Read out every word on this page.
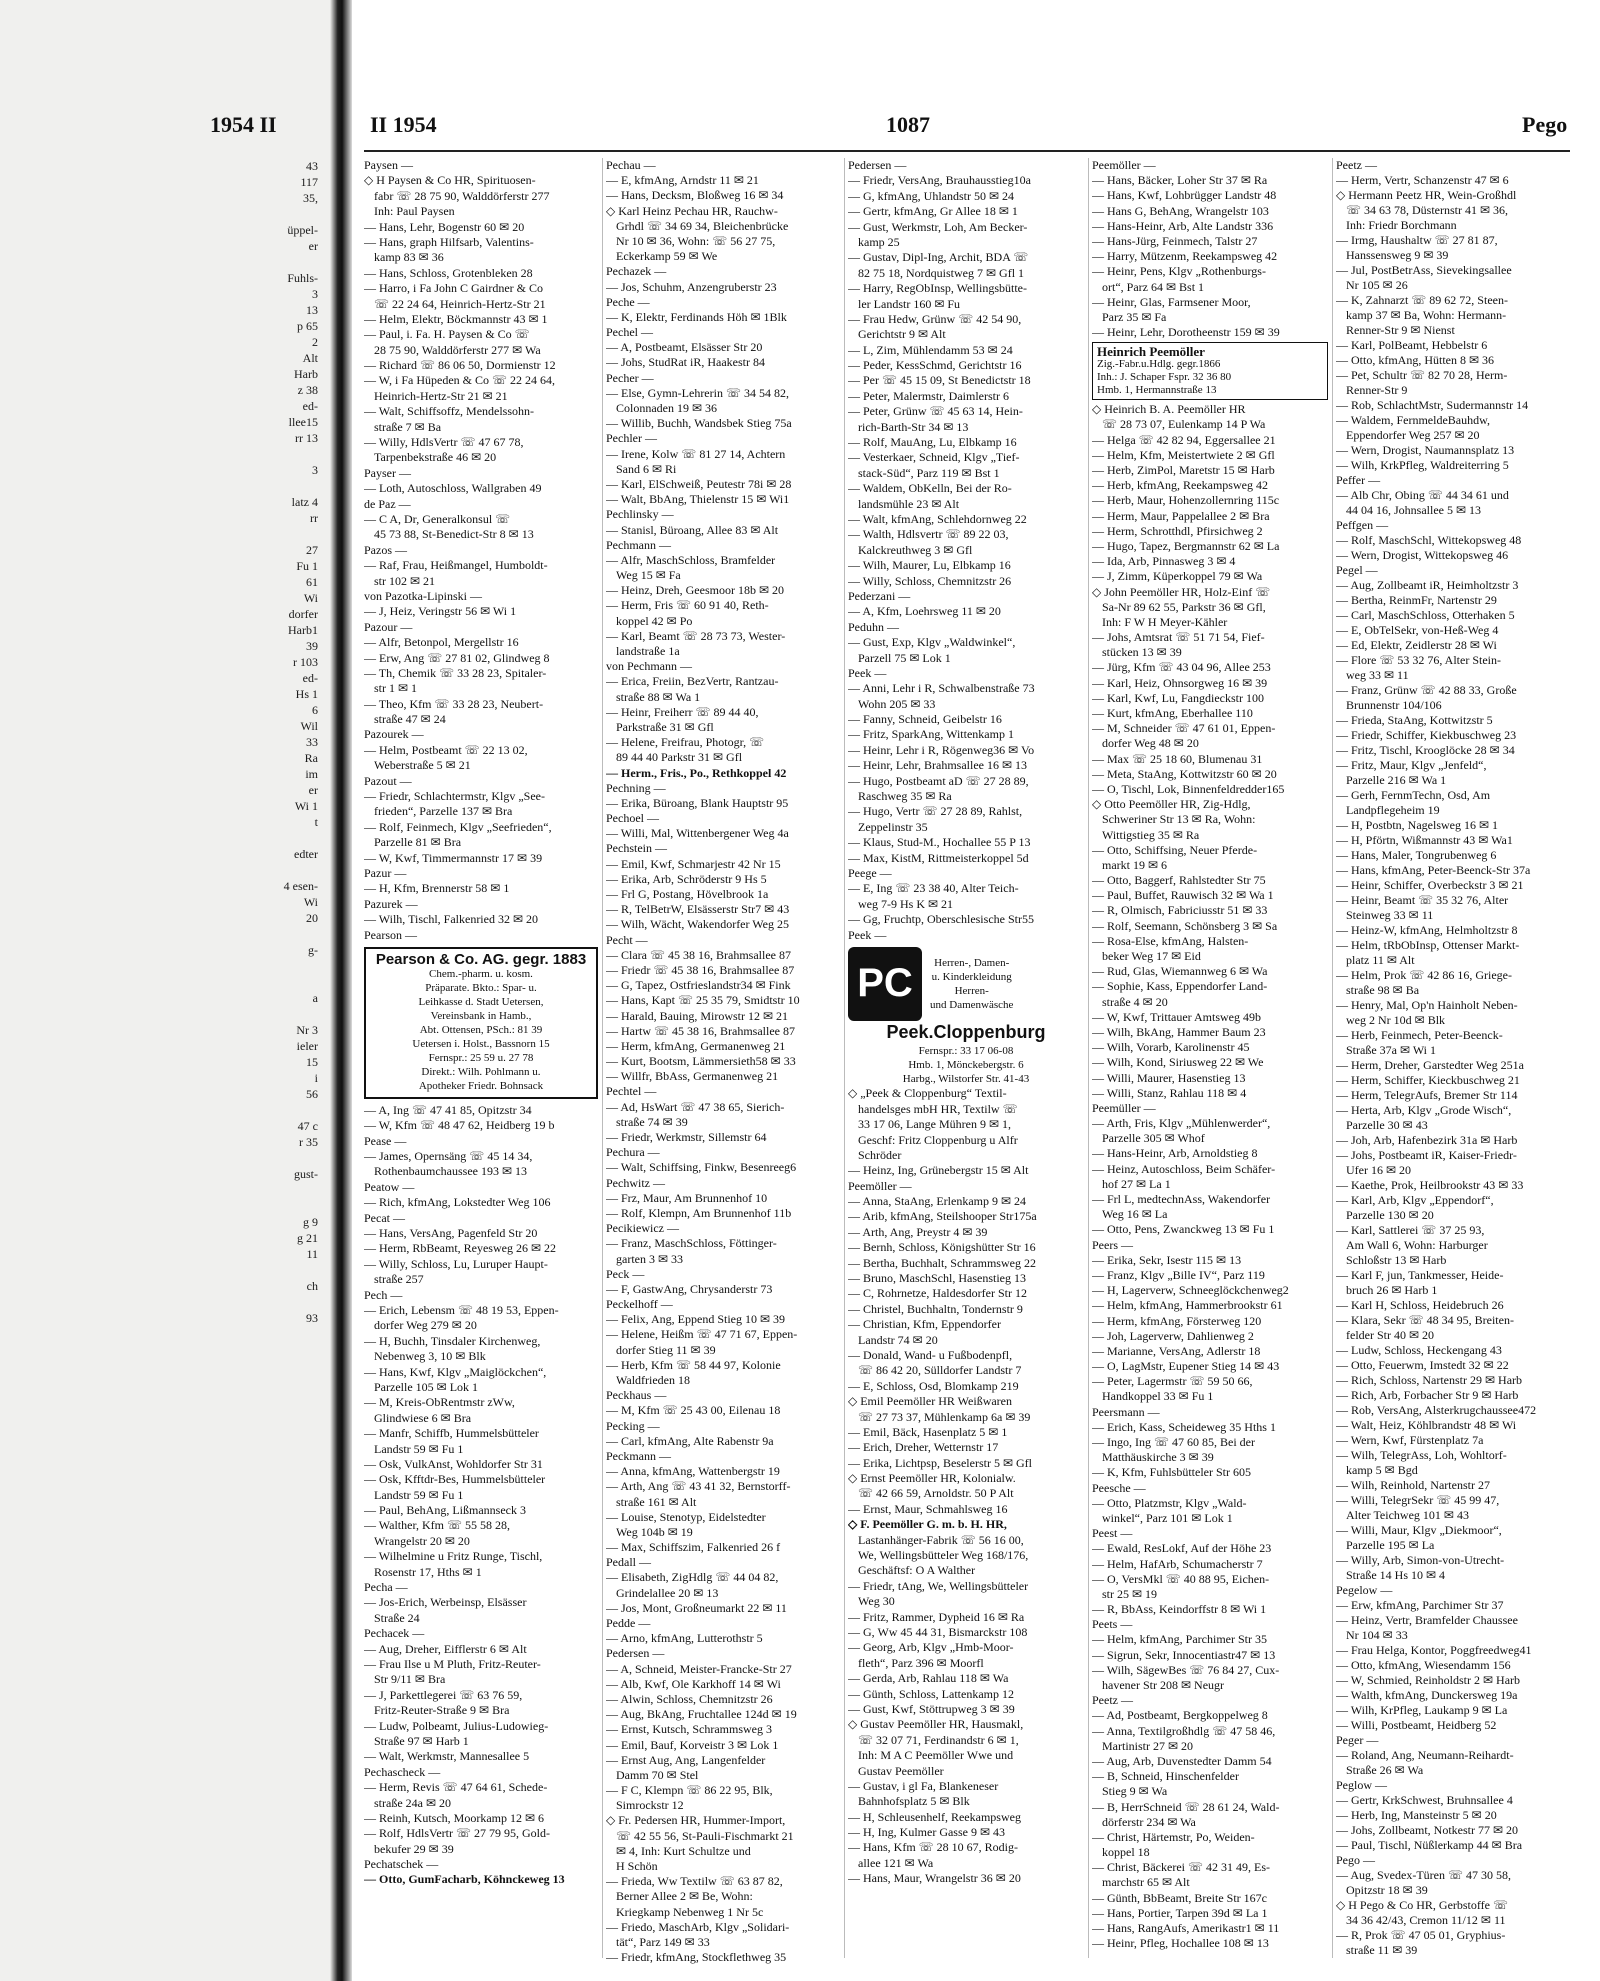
1954 II
43
117
35,
üppel-
er
Fuhls-
3
13
p 65
2
Alt
Harb
z 38
ed-
llee15
rr 13
3
latz 4
rr
27
Fu 1
61
Wi
dorfer
Harb1
39
r 103
ed-
Hs 1
6
Wil
33
Ra
im
er
Wi 1
t
edter
4 esen-
Wi
20
g-
a
Nr 3
ieler
15
i
56
47 c
r 35
gust-
g 9
g 21
11
ch
93
II 1954	1087	Pego
Paysen —
◇ H Paysen & Co HR, Spirituosen-
fabr ☏ 28 75 90, Walddörferstr 277
Inh: Paul Paysen
— Hans, Lehr, Bogenstr 60 ✉ 20
— Hans, graph Hilfsarb, Valentins-
kamp 83 ✉ 36
— Hans, Schloss, Grotenbleken 28
— Harro, i Fa John C Gairdner & Co
☏ 22 24 64, Heinrich-Hertz-Str 21
— Helm, Elektr, Böckmannstr 43 ✉ 1
— Paul, i. Fa. H. Paysen & Co ☏
28 75 90, Walddörferstr 277 ✉ Wa
— Richard ☏ 86 06 50, Dormienstr 12
— W, i Fa Hüpeden & Co ☏ 22 24 64,
Heinrich-Hertz-Str 21 ✉ 21
— Walt, Schiffsoffz, Mendelssohn-
straße 7 ✉ Ba
— Willy, HdlsVertr ☏ 47 67 78,
Tarpenbekstraße 46 ✉ 20
Payser —
— Loth, Autoschloss, Wallgraben 49
de Paz —
— C A, Dr, Generalkonsul ☏
45 73 88, St-Benedict-Str 8 ✉ 13
Pazos —
— Raf, Frau, Heißmangel, Humboldt-
str 102 ✉ 21
von Pazotka-Lipinski —
— J, Heiz, Veringstr 56 ✉ Wi 1
Pazour —
— Alfr, Betonpol, Mergellstr 16
— Erw, Ang ☏ 27 81 02, Glindweg 8
— Th, Chemik ☏ 33 28 23, Spitaler-
str 1 ✉ 1
— Theo, Kfm ☏ 33 28 23, Neubert-
straße 47 ✉ 24
Pazourek —
— Helm, Postbeamt ☏ 22 13 02,
Weberstraße 5 ✉ 21
Pazout —
— Friedr, Schlachtermstr, Klgv „See-
frieden“, Parzelle 137 ✉ Bra
— Rolf, Feinmech, Klgv „Seefrieden“,
Parzelle 81 ✉ Bra
— W, Kwf, Timmermannstr 17 ✉ 39
Pazur —
— H, Kfm, Brennerstr 58 ✉ 1
Pazurek —
— Wilh, Tischl, Falkenried 32 ✉ 20
Pearson —
Pearson & Co. AG. gegr. 1883
Chem.-pharm. u. kosm.
Präparate. Bkto.: Spar- u.
Leihkasse d. Stadt Uetersen,
Vereinsbank in Hamb.,
Abt. Ottensen, PSch.: 81 39
Uetersen i. Holst., Bassnorn 15
Fernspr.: 25 59 u. 27 78
Direkt.: Wilh. Pohlmann u.
Apotheker Friedr. Bohnsack
— A, Ing ☏ 47 41 85, Opitzstr 34
— W, Kfm ☏ 48 47 62, Heidberg 19 b
Pease —
— James, Opernsäng ☏ 45 14 34,
Rothenbaumchaussee 193 ✉ 13
Peatow —
— Rich, kfmAng, Lokstedter Weg 106
Pecat —
— Hans, VersAng, Pagenfeld Str 20
— Herm, RbBeamt, Reyesweg 26 ✉ 22
— Willy, Schloss, Lu, Luruper Haupt-
straße 257
Pech —
— Erich, Lebensm ☏ 48 19 53, Eppen-
dorfer Weg 279 ✉ 20
— H, Buchh, Tinsdaler Kirchenweg,
Nebenweg 3, 10 ✉ Blk
— Hans, Kwf, Klgv „Maiglöckchen“,
Parzelle 105 ✉ Lok 1
— M, Kreis-ObRentmstr zWw,
Glindwiese 6 ✉ Bra
— Manfr, Schiffb, Hummelsbütteler
Landstr 59 ✉ Fu 1
— Osk, VulkAnst, Wohldorfer Str 31
— Osk, Kfftdr-Bes, Hummelsbütteler
Landstr 59 ✉ Fu 1
— Paul, BehAng, Lißmannseck 3
— Walther, Kfm ☏ 55 58 28,
Wrangelstr 20 ✉ 20
— Wilhelmine u Fritz Runge, Tischl,
Rosenstr 17, Hths ✉ 1
Pecha —
— Jos-Erich, Werbeinsp, Elsässer
Straße 24
Pechacek —
— Aug, Dreher, Eifflerstr 6 ✉ Alt
— Frau Ilse u M Pluth, Fritz-Reuter-
Str 9/11 ✉ Bra
— J, Parkettlegerei ☏ 63 76 59,
Fritz-Reuter-Straße 9 ✉ Bra
— Ludw, Polbeamt, Julius-Ludowieg-
Straße 97 ✉ Harb 1
— Walt, Werkmstr, Mannesallee 5
Pechascheck —
— Herm, Revis ☏ 47 64 61, Schede-
straße 24a ✉ 20
— Reinh, Kutsch, Moorkamp 12 ✉ 6
— Rolf, HdlsVertr ☏ 27 79 95, Gold-
bekufer 29 ✉ 39
Pechatschek —
— Otto, GumFacharb, Köhnckeweg 13
Pechau —
— E, kfmAng, Arndstr 11 ✉ 21
— Hans, Decksm, Bloßweg 16 ✉ 34
◇ Karl Heinz Pechau HR, Rauchw-
Grhdl ☏ 34 69 34, Bleichenbrücke
Nr 10 ✉ 36, Wohn: ☏ 56 27 75,
Eckerkamp 59 ✉ We
Pechazek —
— Jos, Schuhm, Anzengruberstr 23
Peche —
— K, Elektr, Ferdinands Höh ✉ 1Blk
Pechel —
— A, Postbeamt, Elsässer Str 20
— Johs, StudRat iR, Haakestr 84
Pecher —
— Else, Gymn-Lehrerin ☏ 34 54 82,
Colonnaden 19 ✉ 36
— Willib, Buchh, Wandsbek Stieg 75a
Pechler —
— Irene, Kolw ☏ 81 27 14, Achtern
Sand 6 ✉ Ri
— Karl, ElSchweiß, Peutestr 78i ✉ 28
— Walt, BbAng, Thielenstr 15 ✉ Wi1
Pechlinsky —
— Stanisl, Büroang, Allee 83 ✉ Alt
Pechmann —
— Alfr, MaschSchloss, Bramfelder
Weg 15 ✉ Fa
— Heinz, Dreh, Geesmoor 18b ✉ 20
— Herm, Fris ☏ 60 91 40, Reth-
koppel 42 ✉ Po
— Karl, Beamt ☏ 28 73 73, Wester-
landstraße 1a
von Pechmann —
— Erica, Freiin, BezVertr, Rantzau-
straße 88 ✉ Wa 1
— Heinr, Freiherr ☏ 89 44 40,
Parkstraße 31 ✉ Gfl
— Helene, Freifrau, Photogr, ☏
89 44 40 Parkstr 31 ✉ Gfl
— Herm., Fris., Po., Rethkoppel 42
Pechning —
— Erika, Büroang, Blank Hauptstr 95
Pechoel —
— Willi, Mal, Wittenbergener Weg 4a
Pechstein —
— Emil, Kwf, Schmarjestr 42 Nr 15
— Erika, Arb, Schröderstr 9 Hs 5
— Frl G, Postang, Hövelbrook 1a
— R, TelBetrW, Elsässerstr Str7 ✉ 43
— Wilh, Wächt, Wakendorfer Weg 25
Pecht —
— Clara ☏ 45 38 16, Brahmsallee 87
— Friedr ☏ 45 38 16, Brahmsallee 87
— G, Tapez, Ostfrieslandstr34 ✉ Fink
— Hans, Kapt ☏ 25 35 79, Smidtstr 10
— Harald, Bauing, Mirowstr 12 ✉ 21
— Hartw ☏ 45 38 16, Brahmsallee 87
— Herm, kfmAng, Germanenweg 21
— Kurt, Bootsm, Lämmersieth58 ✉ 33
— Willfr, BbAss, Germanenweg 21
Pechtel —
— Ad, HsWart ☏ 47 38 65, Sierich-
straße 74 ✉ 39
— Friedr, Werkmstr, Sillemstr 64
Pechura —
— Walt, Schiffsing, Finkw, Besenreeg6
Pechwitz —
— Frz, Maur, Am Brunnenhof 10
— Rolf, Klempn, Am Brunnenhof 11b
Pecikiewicz —
— Franz, MaschSchloss, Föttinger-
garten 3 ✉ 33
Peck —
— F, GastwAng, Chrysanderstr 73
Peckelhoff —
— Felix, Ang, Eppend Stieg 10 ✉ 39
— Helene, Heißm ☏ 47 71 67, Eppen-
dorfer Stieg 11 ✉ 39
— Herb, Kfm ☏ 58 44 97, Kolonie
Waldfrieden 18
Peckhaus —
— M, Kfm ☏ 25 43 00, Eilenau 18
Pecking —
— Carl, kfmAng, Alte Rabenstr 9a
Peckmann —
— Anna, kfmAng, Wattenbergstr 19
— Arth, Ang ☏ 43 41 32, Bernstorff-
straße 161 ✉ Alt
— Louise, Stenotyp, Eidelstedter
Weg 104b ✉ 19
— Max, Schiffszim, Falkenried 26 f
Pedall —
— Elisabeth, ZigHdlg ☏ 44 04 82,
Grindelallee 20 ✉ 13
— Jos, Mont, Großneumarkt 22 ✉ 11
Pedde —
— Arno, kfmAng, Lutterothstr 5
Pedersen —
— A, Schneid, Meister-Francke-Str 27
— Alb, Kwf, Ole Karkhoff 14 ✉ Wi
— Alwin, Schloss, Chemnitzstr 26
— Aug, BkAng, Fruchtallee 124d ✉ 19
— Ernst, Kutsch, Schrammsweg 3
— Emil, Bauf, Korveistr 3 ✉ Lok 1
— Ernst Aug, Ang, Langenfelder
Damm 70 ✉ Stel
— F C, Klempn ☏ 86 22 95, Blk,
Simrockstr 12
◇ Fr. Pedersen HR, Hummer-Import,
☏ 42 55 56, St-Pauli-Fischmarkt 21
✉ 4, Inh: Kurt Schultze und
H Schön
— Frieda, Ww Textilw ☏ 63 87 82,
Berner Allee 2 ✉ Be, Wohn:
Kriegkamp Nebenweg 1 Nr 5c
— Friedo, MaschArb, Klgv „Solidari-
tät“, Parz 149 ✉ 33
— Friedr, kfmAng, Stockflethweg 35
Pedersen —
— Friedr, VersAng, Brauhausstieg10a
— G, kfmAng, Uhlandstr 50 ✉ 24
— Gertr, kfmAng, Gr Allee 18 ✉ 1
— Gust, Werkmstr, Loh, Am Becker-
kamp 25
— Gustav, Dipl-Ing, Archit, BDA ☏
82 75 18, Nordquistweg 7 ✉ Gfl 1
— Harry, RegObInsp, Wellingsbütte-
ler Landstr 160 ✉ Fu
— Frau Hedw, Grünw ☏ 42 54 90,
Gerichtstr 9 ✉ Alt
— L, Zim, Mühlendamm 53 ✉ 24
— Peder, KessSchmd, Gerichtstr 16
— Per ☏ 45 15 09, St Benedictstr 18
— Peter, Malermstr, Daimlerstr 6
— Peter, Grünw ☏ 45 63 14, Hein-
rich-Barth-Str 34 ✉ 13
— Rolf, MauAng, Lu, Elbkamp 16
— Vesterkaer, Schneid, Klgv „Tief-
stack-Süd“, Parz 119 ✉ Bst 1
— Waldem, ObKelln, Bei der Ro-
landsmühle 23 ✉ Alt
— Walt, kfmAng, Schlehdornweg 22
— Walth, Hdlsvertr ☏ 89 22 03,
Kalckreuthweg 3 ✉ Gfl
— Wilh, Maurer, Lu, Elbkamp 16
— Willy, Schloss, Chemnitzstr 26
Pederzani —
— A, Kfm, Loehrsweg 11 ✉ 20
Peduhn —
— Gust, Exp, Klgv „Waldwinkel“,
Parzell 75 ✉ Lok 1
Peek —
— Anni, Lehr i R, Schwalbenstraße 73
Wohn 205 ✉ 33
— Fanny, Schneid, Geibelstr 16
— Fritz, SparkAng, Wittenkamp 1
— Heinr, Lehr i R, Rögenweg36 ✉ Vo
— Heinr, Lehr, Brahmsallee 16 ✉ 13
— Hugo, Postbeamt aD ☏ 27 28 89,
Raschweg 35 ✉ Ra
— Hugo, Vertr ☏ 27 28 89, Rahlst,
Zeppelinstr 35
— Klaus, Stud-M., Hochallee 55 P 13
— Max, KistM, Rittmeisterkoppel 5d
Peege —
— E, Ing ☏ 23 38 40, Alter Teich-
weg 7-9 Hs K ✉ 21
— Gg, Fruchtp, Oberschlesische Str55
Peek —
PC	Herren-, Damen-
u. Kinderkleidung
Herren-
und Damenwäsche
Peek.Cloppenburg
Fernspr.: 33 17 06-08
Hmb. 1, Mönckebergstr. 6
Harbg., Wilstorfer Str. 41-43
◇ „Peek & Cloppenburg“ Textil-
handelsges mbH HR, Textilw ☏
33 17 06, Lange Mühren 9 ✉ 1,
Geschf: Fritz Cloppenburg u Alfr
Schröder
— Heinz, Ing, Grünebergstr 15 ✉ Alt
Peemöller —
— Anna, StaAng, Erlenkamp 9 ✉ 24
— Arib, kfmAng, Steilshooper Str175a
— Arth, Ang, Preystr 4 ✉ 39
— Bernh, Schloss, Königshütter Str 16
— Bertha, Buchhalt, Schrammsweg 22
— Bruno, MaschSchl, Hasenstieg 13
— C, Rohrnetze, Haldesdorfer Str 12
— Christel, Buchhaltn, Tondernstr 9
— Christian, Kfm, Eppendorfer
Landstr 74 ✉ 20
— Donald, Wand- u Fußbodenpfl,
☏ 86 42 20, Sülldorfer Landstr 7
— E, Schloss, Osd, Blomkamp 219
◇ Emil Peemöller HR Weißwaren
☏ 27 73 37, Mühlenkamp 6a ✉ 39
— Emil, Bäck, Hasenplatz 5 ✉ 1
— Erich, Dreher, Wetternstr 17
— Erika, Lichtpsp, Beselerstr 5 ✉ Gfl
◇ Ernst Peemöller HR, Kolonialw.
☏ 42 66 59, Arnoldstr. 50 P Alt
— Ernst, Maur, Schmahlsweg 16
◇ F. Peemöller G. m. b. H. HR,
Lastanhänger-Fabrik ☏ 56 16 00,
We, Wellingsbütteler Weg 168/176,
Geschäftsf: O A Walther
— Friedr, tAng, We, Wellingsbütteler
Weg 30
— Fritz, Rammer, Dypheid 16 ✉ Ra
— G, Ww 45 44 31, Bismarckstr 108
— Georg, Arb, Klgv „Hmb-Moor-
fleth“, Parz 396 ✉ Moorfl
— Gerda, Arb, Rahlau 118 ✉ Wa
— Günth, Schloss, Lattenkamp 12
— Gust, Kwf, Stöttrupweg 3 ✉ 39
◇ Gustav Peemöller HR, Hausmakl,
☏ 32 07 71, Ferdinandstr 6 ✉ 1,
Inh: M A C Peemöller Wwe und
Gustav Peemöller
— Gustav, i gl Fa, Blankeneser
Bahnhofsplatz 5 ✉ Blk
— H, Schleusenhelf, Reekampsweg
— H, Ing, Kulmer Gasse 9 ✉ 43
— Hans, Kfm ☏ 28 10 67, Rodig-
allee 121 ✉ Wa
— Hans, Maur, Wrangelstr 36 ✉ 20
Peemöller —
— Hans, Bäcker, Loher Str 37 ✉ Ra
— Hans, Kwf, Lohbrügger Landstr 48
— Hans G, BehAng, Wrangelstr 103
— Hans-Heinr, Arb, Alte Landstr 336
— Hans-Jürg, Feinmech, Talstr 27
— Harry, Mützenm, Reekampsweg 42
— Heinr, Pens, Klgv „Rothenburgs-
ort“, Parz 64 ✉ Bst 1
— Heinr, Glas, Farmsener Moor,
Parz 35 ✉ Fa
— Heinr, Lehr, Dorotheenstr 159 ✉ 39
Heinrich Peemöller
Zig.-Fabr.u.Hdlg. gegr.1866
Inh.: J. Schaper Fspr. 32 36 80
Hmb. 1, Hermannstraße 13
◇ Heinrich B. A. Peemöller HR
☏ 28 73 07, Eulenkamp 14 P Wa
— Helga ☏ 42 82 94, Eggersallee 21
— Helm, Kfm, Meistertwiete 2 ✉ Gfl
— Herb, ZimPol, Maretstr 15 ✉ Harb
— Herb, kfmAng, Reekampsweg 42
— Herb, Maur, Hohenzollernring 115c
— Herm, Maur, Pappelallee 2 ✉ Bra
— Herm, Schrotthdl, Pfirsichweg 2
— Hugo, Tapez, Bergmannstr 62 ✉ La
— Ida, Arb, Pinnasweg 3 ✉ 4
— J, Zimm, Küperkoppel 79 ✉ Wa
◇ John Peemöller HR, Holz-Einf ☏
Sa-Nr 89 62 55, Parkstr 36 ✉ Gfl,
Inh: F W H Meyer-Kähler
— Johs, Amtsrat ☏ 51 71 54, Fief-
stücken 13 ✉ 39
— Jürg, Kfm ☏ 43 04 96, Allee 253
— Karl, Heiz, Ohnsorgweg 16 ✉ 39
— Karl, Kwf, Lu, Fangdieckstr 100
— Kurt, kfmAng, Eberhallee 110
— M, Schneider ☏ 47 61 01, Eppen-
dorfer Weg 48 ✉ 20
— Max ☏ 25 18 60, Blumenau 31
— Meta, StaAng, Kottwitzstr 60 ✉ 20
— O, Tischl, Lok, Binnenfeldredder165
◇ Otto Peemöller HR, Zig-Hdlg,
Schweriner Str 13 ✉ Ra, Wohn:
Wittigstieg 35 ✉ Ra
— Otto, Schiffsing, Neuer Pferde-
markt 19 ✉ 6
— Otto, Baggerf, Rahlstedter Str 75
— Paul, Buffet, Rauwisch 32 ✉ Wa 1
— R, Olmisch, Fabriciusstr 51 ✉ 33
— Rolf, Seemann, Schönsberg 3 ✉ Sa
— Rosa-Else, kfmAng, Halsten-
beker Weg 17 ✉ Eid
— Rud, Glas, Wiemannweg 6 ✉ Wa
— Sophie, Kass, Eppendorfer Land-
straße 4 ✉ 20
— W, Kwf, Trittauer Amtsweg 49b
— Wilh, BkAng, Hammer Baum 23
— Wilh, Vorarb, Karolinenstr 45
— Wilh, Kond, Siriusweg 22 ✉ We
— Willi, Maurer, Hasenstieg 13
— Willi, Stanz, Rahlau 118 ✉ 4
Peemüller —
— Arth, Fris, Klgv „Mühlenwerder“,
Parzelle 305 ✉ Whof
— Hans-Heinr, Arb, Arnoldstieg 8
— Heinz, Autoschloss, Beim Schäfer-
hof 27 ✉ La 1
— Frl L, medtechnAss, Wakendorfer
Weg 16 ✉ La
— Otto, Pens, Zwanckweg 13 ✉ Fu 1
Peers —
— Erika, Sekr, Isestr 115 ✉ 13
— Franz, Klgv „Bille IV“, Parz 119
— H, Lagerverw, Schneeglöckchenweg2
— Helm, kfmAng, Hammerbrookstr 61
— Herm, kfmAng, Försterweg 120
— Joh, Lagerverw, Dahlienweg 2
— Marianne, VersAng, Adlerstr 18
— O, LagMstr, Eupener Stieg 14 ✉ 43
— Peter, Lagermstr ☏ 59 50 66,
Handkoppel 33 ✉ Fu 1
Peersmann —
— Erich, Kass, Scheideweg 35 Hths 1
— Ingo, Ing ☏ 47 60 85, Bei der
Matthäuskirche 3 ✉ 39
— K, Kfm, Fuhlsbütteler Str 605
Peesche —
— Otto, Platzmstr, Klgv „Wald-
winkel“, Parz 101 ✉ Lok 1
Peest —
— Ewald, ResLokf, Auf der Höhe 23
— Helm, HafArb, Schumacherstr 7
— O, VersMkl ☏ 40 88 95, Eichen-
str 25 ✉ 19
— R, BbAss, Keindorffstr 8 ✉ Wi 1
Peets —
— Helm, kfmAng, Parchimer Str 35
— Sigrun, Sekr, Innocentiastr47 ✉ 13
— Wilh, SägewBes ☏ 76 84 27, Cux-
havener Str 208 ✉ Neugr
Peetz —
— Ad, Postbeamt, Bergkoppelweg 8
— Anna, Textilgroßhdlg ☏ 47 58 46,
Martinistr 27 ✉ 20
— Aug, Arb, Duvenstedter Damm 54
— B, Schneid, Hinschenfelder
Stieg 9 ✉ Wa
— B, HerrSchneid ☏ 28 61 24, Wald-
dörferstr 234 ✉ Wa
— Christ, Härtemstr, Po, Weiden-
koppel 18
— Christ, Bäckerei ☏ 42 31 49, Es-
marchstr 65 ✉ Alt
— Günth, BbBeamt, Breite Str 167c
— Hans, Portier, Tarpen 39d ✉ La 1
— Hans, RangAufs, Amerikastr1 ✉ 11
— Heinr, Pfleg, Hochallee 108 ✉ 13
Peetz —
— Herm, Vertr, Schanzenstr 47 ✉ 6
◇ Hermann Peetz HR, Wein-Großhdl
☏ 34 63 78, Düsternstr 41 ✉ 36,
Inh: Friedr Borchmann
— Irmg, Haushaltw ☏ 27 81 87,
Hanssensweg 9 ✉ 39
— Jul, PostBetrAss, Sievekingsallee
Nr 105 ✉ 26
— K, Zahnarzt ☏ 89 62 72, Steen-
kamp 37 ✉ Ba, Wohn: Hermann-
Renner-Str 9 ✉ Nienst
— Karl, PolBeamt, Hebbelstr 6
— Otto, kfmAng, Hütten 8 ✉ 36
— Pet, Schultr ☏ 82 70 28, Herm-
Renner-Str 9
— Rob, SchlachtMstr, Sudermannstr 14
— Waldem, FernmeldeBauhdw,
Eppendorfer Weg 257 ✉ 20
— Wern, Drogist, Naumannsplatz 13
— Wilh, KrkPfleg, Waldreiterring 5
Peffer —
— Alb Chr, Obing ☏ 44 34 61 und
44 04 16, Johnsallee 5 ✉ 13
Peffgen —
— Rolf, MaschSchl, Wittekopsweg 48
— Wern, Drogist, Wittekopsweg 46
Pegel —
— Aug, Zollbeamt iR, Heimholtzstr 3
— Bertha, ReinmFr, Nartenstr 29
— Carl, MaschSchloss, Otterhaken 5
— E, ObTelSekr, von-Heß-Weg 4
— Ed, Elektr, Zeidlerstr 28 ✉ Wi
— Flore ☏ 53 32 76, Alter Stein-
weg 33 ✉ 11
— Franz, Grünw ☏ 42 88 33, Große
Brunnenstr 104/106
— Frieda, StaAng, Kottwitzstr 5
— Friedr, Schiffer, Kiekbuschweg 23
— Fritz, Tischl, Krooglöcke 28 ✉ 34
— Fritz, Maur, Klgv „Jenfeld“,
Parzelle 216 ✉ Wa 1
— Gerh, FernmTechn, Osd, Am
Landpflegeheim 19
— H, Postbtn, Nagelsweg 16 ✉ 1
— H, Pförtn, Wißmannstr 43 ✉ Wa1
— Hans, Maler, Tongrubenweg 6
— Hans, kfmAng, Peter-Beenck-Str 37a
— Heinr, Schiffer, Overbeckstr 3 ✉ 21
— Heinr, Beamt ☏ 35 32 76, Alter
Steinweg 33 ✉ 11
— Heinz-W, kfmAng, Helmholtzstr 8
— Helm, tRbObInsp, Ottenser Markt-
platz 11 ✉ Alt
— Helm, Prok ☏ 42 86 16, Griege-
straße 98 ✉ Ba
— Henry, Mal, Op'n Hainholt Neben-
weg 2 Nr 10d ✉ Blk
— Herb, Feinmech, Peter-Beenck-
Straße 37a ✉ Wi 1
— Herm, Dreher, Garstedter Weg 251a
— Herm, Schiffer, Kieckbuschweg 21
— Herm, TelegrAufs, Bremer Str 114
— Herta, Arb, Klgv „Grode Wisch“,
Parzelle 30 ✉ 43
— Joh, Arb, Hafenbezirk 31a ✉ Harb
— Johs, Postbeamt iR, Kaiser-Friedr-
Ufer 16 ✉ 20
— Kaethe, Prok, Heilbrookstr 43 ✉ 33
— Karl, Arb, Klgv „Eppendorf“,
Parzelle 130 ✉ 20
— Karl, Sattlerei ☏ 37 25 93,
Am Wall 6, Wohn: Harburger
Schloßstr 13 ✉ Harb
— Karl F, jun, Tankmesser, Heide-
bruch 26 ✉ Harb 1
— Karl H, Schloss, Heidebruch 26
— Klara, Sekr ☏ 48 34 95, Breiten-
felder Str 40 ✉ 20
— Ludw, Schloss, Heckengang 43
— Otto, Feuerwm, Imstedt 32 ✉ 22
— Rich, Schloss, Nartenstr 29 ✉ Harb
— Rich, Arb, Forbacher Str 9 ✉ Harb
— Rob, VersAng, Alsterkrugchaussee472
— Walt, Heiz, Köhlbrandstr 48 ✉ Wi
— Wern, Kwf, Fürstenplatz 7a
— Wilh, TelegrAss, Loh, Wohltorf-
kamp 5 ✉ Bgd
— Wilh, Reinhold, Nartenstr 27
— Willi, TelegrSekr ☏ 45 99 47,
Alter Teichweg 101 ✉ 43
— Willi, Maur, Klgv „Diekmoor“,
Parzelle 195 ✉ La
— Willy, Arb, Simon-von-Utrecht-
Straße 14 Hs 10 ✉ 4
Pegelow —
— Erw, kfmAng, Parchimer Str 37
— Heinz, Vertr, Bramfelder Chaussee
Nr 104 ✉ 33
— Frau Helga, Kontor, Poggfreedweg41
— Otto, kfmAng, Wiesendamm 156
— W, Schmied, Reinholdstr 2 ✉ Harb
— Walth, kfmAng, Dunckersweg 19a
— Wilh, KrPfleg, Laukamp 9 ✉ La
— Willi, Postbeamt, Heidberg 52
Peger —
— Roland, Ang, Neumann-Reihardt-
Straße 26 ✉ Wa
Peglow —
— Gertr, KrkSchwest, Bruhnsallee 4
— Herb, Ing, Mansteinstr 5 ✉ 20
— Johs, Zollbeamt, Notkestr 77 ✉ 20
— Paul, Tischl, Nüßlerkamp 44 ✉ Bra
Pego —
— Aug, Svedex-Türen ☏ 47 30 58,
Opitzstr 18 ✉ 39
◇ H Pego & Co HR, Gerbstoffe ☏
34 36 42/43, Cremon 11/12 ✉ 11
— R, Prok ☏ 47 05 01, Gryphius-
straße 11 ✉ 39
